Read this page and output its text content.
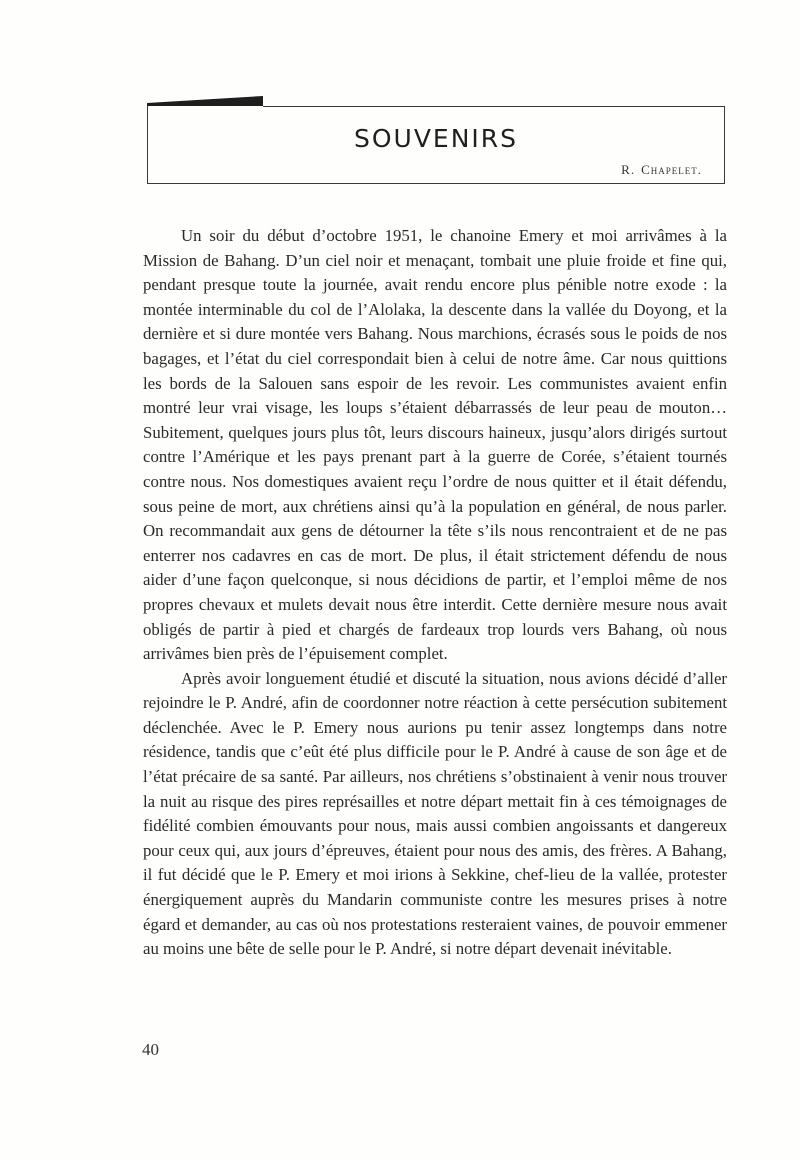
SOUVENIRS
R. Chapelet.

Un soir du début d’octobre 1951, le chanoine Emery et moi arrivâmes à la Mission de Bahang. D’un ciel noir et menaçant, tombait une pluie froide et fine qui, pendant presque toute la journée, avait rendu encore plus pénible notre exode : la montée interminable du col de l’Alolaka, la descente dans la vallée du Doyong, et la dernière et si dure montée vers Bahang. Nous marchions, écrasés sous le poids de nos bagages, et l’état du ciel correspondait bien à celui de notre âme. Car nous quittions les bords de la Salouen sans espoir de les revoir. Les communistes avaient enfin montré leur vrai visage, les loups s’étaient débarrassés de leur peau de mouton… Subitement, quelques jours plus tôt, leurs discours haineux, jusqu’alors dirigés surtout contre l’Amérique et les pays prenant part à la guerre de Corée, s’étaient tournés contre nous. Nos domestiques avaient reçu l’ordre de nous quitter et il était défendu, sous peine de mort, aux chrétiens ainsi qu’à la population en général, de nous parler. On recommandait aux gens de détourner la tête s’ils nous rencontraient et de ne pas enterrer nos cadavres en cas de mort. De plus, il était strictement défendu de nous aider d’une façon quelconque, si nous décidions de partir, et l’emploi même de nos propres chevaux et mulets devait nous être interdit. Cette dernière mesure nous avait obligés de partir à pied et chargés de fardeaux trop lourds vers Bahang, où nous arrivâmes bien près de l’épuisement complet.

Après avoir longuement étudié et discuté la situation, nous avions décidé d’aller rejoindre le P. André, afin de coordonner notre réaction à cette persécution subitement déclenchée. Avec le P. Emery nous aurions pu tenir assez longtemps dans notre résidence, tandis que c’eût été plus difficile pour le P. André à cause de son âge et de l’état précaire de sa santé. Par ailleurs, nos chrétiens s’obstinaient à venir nous trouver la nuit au risque des pires représailles et notre départ mettait fin à ces témoignages de fidélité combien émouvants pour nous, mais aussi combien angoissants et dangereux pour ceux qui, aux jours d’épreuves, étaient pour nous des amis, des frères. A Bahang, il fut décidé que le P. Emery et moi irions à Sekkine, chef-lieu de la vallée, protester énergiquement auprès du Mandarin communiste contre les mesures prises à notre égard et demander, au cas où nos protestations resteraient vaines, de pouvoir emmener au moins une bête de selle pour le P. André, si notre départ devenait inévitable.

40
